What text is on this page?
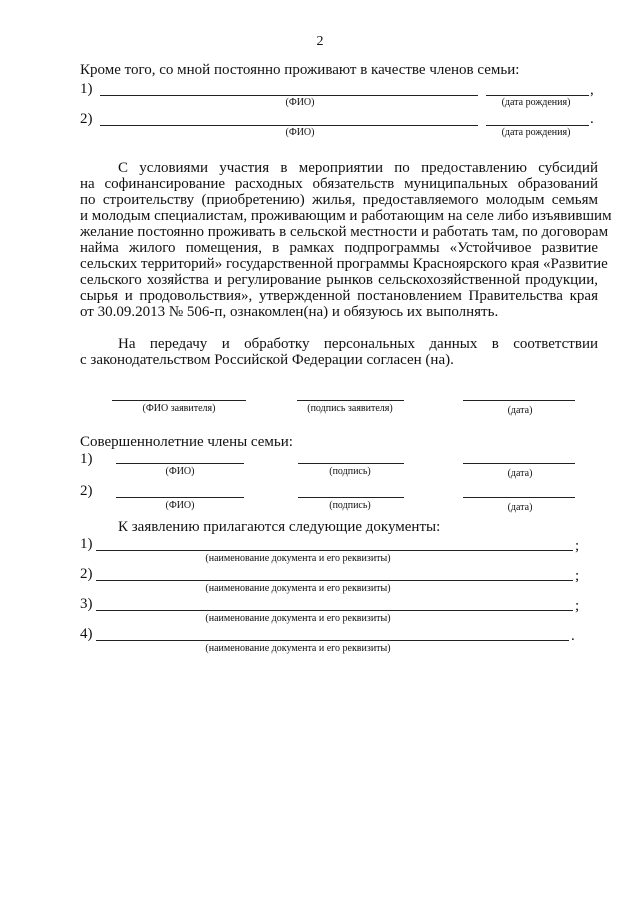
2
Кроме того, со мной постоянно проживают в качестве членов семьи:
1)	,
(ФИО)	(дата рождения)
2)	.
(ФИО)	(дата рождения)
С условиями участия в мероприятии по предоставлению субсидий
на софинансирование расходных обязательств муниципальных образований
по строительству (приобретению) жилья, предоставляемого молодым семьям
и молодым специалистам, проживающим и работающим на селе либо изъявившим
желание постоянно проживать в сельской местности и работать там, по договорам
найма жилого помещения, в рамках подпрограммы «Устойчивое развитие
сельских территорий» государственной программы Красноярского края «Развитие
сельского хозяйства и регулирование рынков сельскохозяйственной продукции,
сырья и продовольствия», утвержденной постановлением Правительства края
от 30.09.2013 № 506-п, ознакомлен(на) и обязуюсь их выполнять.
На передачу и обработку персональных данных в соответствии
с законодательством Российской Федерации согласен (на).
(ФИО заявителя)	(подпись заявителя)	(дата)
Совершеннолетние члены семьи:
1)
(ФИО)	(подпись)	(дата)
2)
(ФИО)	(подпись)	(дата)
К заявлению прилагаются следующие документы:
1)	;
(наименование документа и его реквизиты)
2)	;
(наименование документа и его реквизиты)
3)	;
(наименование документа и его реквизиты)
4)	.
(наименование документа и его реквизиты)
